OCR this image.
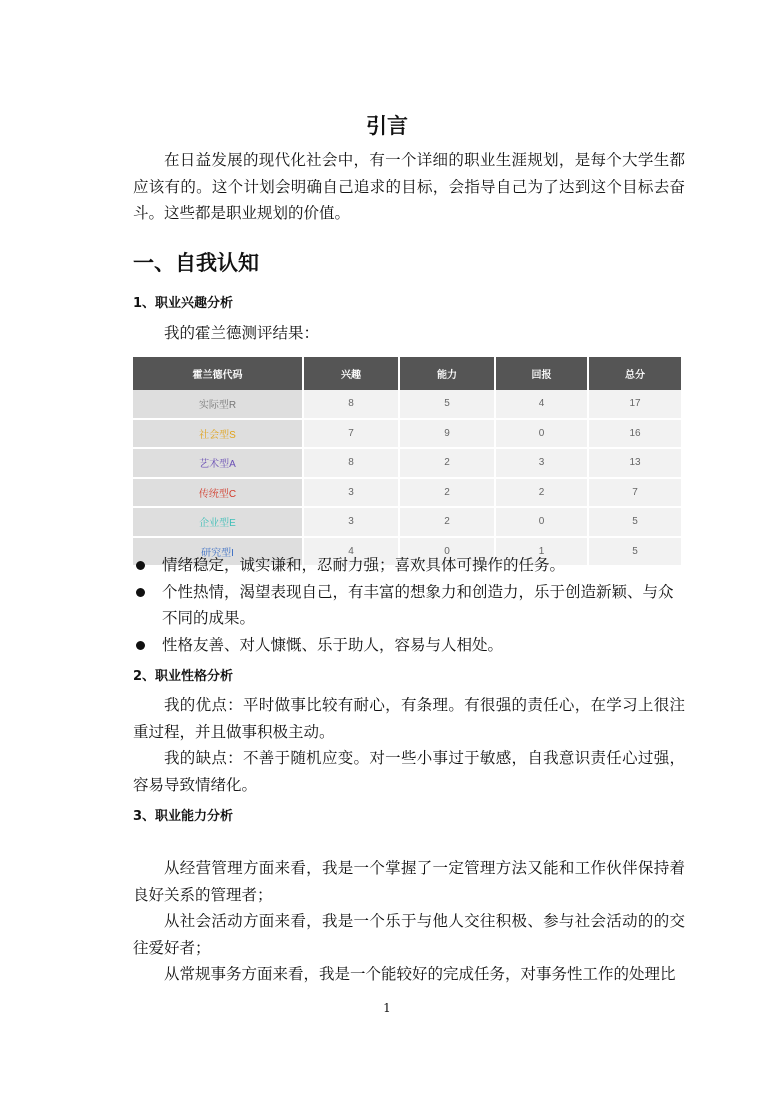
引言
在日益发展的现代化社会中，有一个详细的职业生涯规划，是每个大学生都应该有的。这个计划会明确自己追求的目标，会指导自己为了达到这个目标去奋斗。这些都是职业规划的价值。
一、自我认知
1、职业兴趣分析
我的霍兰德测评结果：
霍兰德代码	兴趣	能力	回报	总分
实际型R	8	5	4	17
社会型S	7	9	0	16
艺术型A	8	2	3	13
传统型C	3	2	2	7
企业型E	3	2	0	5
研究型I	4	0	1	5
情绪稳定，诚实谦和，忍耐力强；喜欢具体可操作的任务。
个性热情，渴望表现自己，有丰富的想象力和创造力，乐于创造新颖、与众不同的成果。
性格友善、对人慷慨、乐于助人，容易与人相处。
2、职业性格分析
我的优点：平时做事比较有耐心，有条理。有很强的责任心，在学习上很注重过程，并且做事积极主动。
我的缺点：不善于随机应变。对一些小事过于敏感，自我意识责任心过强，容易导致情绪化。
3、职业能力分析
从经营管理方面来看，我是一个掌握了一定管理方法又能和工作伙伴保持着良好关系的管理者；
从社会活动方面来看，我是一个乐于与他人交往积极、参与社会活动的的交往爱好者；
从常规事务方面来看，我是一个能较好的完成任务，对事务性工作的处理比
1
